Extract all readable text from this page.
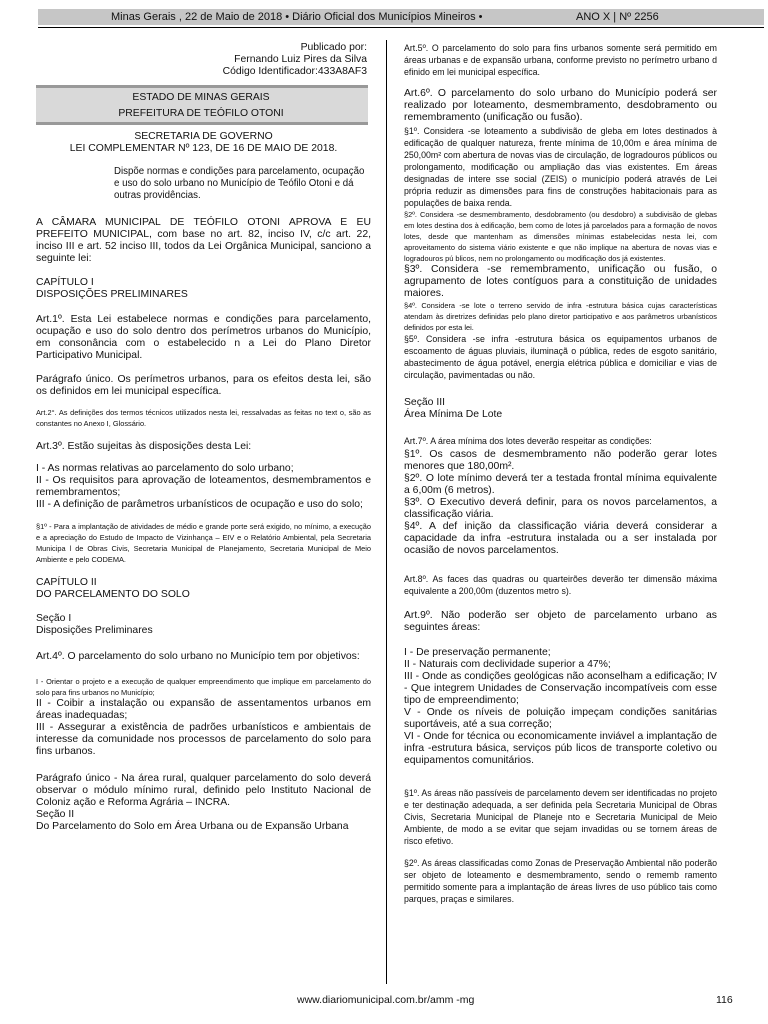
Minas Gerais , 22 de Maio de 2018 • Diário Oficial dos Municípios Mineiros •	ANO X | Nº 2256

Publicado por:

Fernando Luiz Pires da Silva

Código Identificador:433A8AF3

ESTADO DE MINAS GERAIS

PREFEITURA DE TEÓFILO OTONI

SECRETARIA DE GOVERNO

LEI COMPLEMENTAR Nº 123, DE 16 DE MAIO DE 2018.

Dispõe normas e condições para parcelamento, ocupação e uso do solo urbano no Município de Teófilo Otoni e dá outras providências.

A CÂMARA MUNICIPAL DE TEÓFILO OTONI APROVA E EU PREFEITO MUNICIPAL, com base no art. 82, inciso IV, c/c art. 22, inciso III e art. 52 inciso III, todos da Lei Orgânica Municipal, sanciono a seguinte lei:

CAPÍTULO I
DISPOSIÇÕES PRELIMINARES

Art.1º. Esta Lei estabelece normas e condições para parcelamento, ocupação e uso do solo dentro dos perímetros urbanos do Município, em consonância com o estabelecido n a Lei do Plano Diretor Participativo Municipal.

Parágrafo único. Os perímetros urbanos, para os efeitos desta lei, são os definidos em lei municipal específica.

Art.2°. As definições dos termos técnicos utilizados nesta lei, ressalvadas as feitas no text o, são as constantes no Anexo I, Glossário.

Art.3º. Estão sujeitas às disposições desta Lei:

I - As normas relativas ao parcelamento do solo urbano;
II - Os requisitos para aprovação de loteamentos, desmembramentos e remembramentos;
III - A definição de parâmetros urbanísticos de ocupação e uso do solo;

§1º - Para a implantação de atividades de médio e grande porte será exigido, no mínimo, a execução e a apreciação do Estudo de Impacto de Vizinhança – EIV e o Relatório Ambiental, pela Secretaria Municipa l de Obras Civis, Secretaria Municipal de Planejamento, Secretaria Municipal de Meio Ambiente e pelo CODEMA.

CAPÍTULO II
DO PARCELAMENTO DO SOLO

Seção I
Disposições Preliminares

Art.4º. O parcelamento do solo urbano no Município tem por objetivos:

I - Orientar o projeto e a execução de qualquer empreendimento que implique em parcelamento do solo para fins urbanos no Município;

II - Coibir a instalação ou expansão de assentamentos urbanos em áreas inadequadas;
III - Assegurar a existência de padrões urbanísticos e ambientais de interesse da comunidade nos processos de parcelamento do solo para fins urbanos.

Parágrafo único - Na área rural, qualquer parcelamento do solo deverá observar o módulo mínimo rural, definido pelo Instituto Nacional de Coloniz ação e Reforma Agrária – INCRA.
Seção II
Do Parcelamento do Solo em Área Urbana ou de Expansão Urbana

Art.5º. O parcelamento do solo para fins urbanos somente será permitido em áreas urbanas e de expansão urbana, conforme previsto no perímetro urbano d efinido em lei municipal específica.

Art.6º. O parcelamento do solo urbano do Município poderá ser realizado por loteamento, desmembramento, desdobramento ou remembramento (unificação ou fusão).

§1º. Considera -se loteamento a subdivisão de gleba em lotes destinados à edificação de qualquer natureza, frente mínima de 10,00m e área mínima de 250,00m² com abertura de novas vias de circulação, de logradouros públicos ou prolongamento, modificação ou ampliação das vias existentes. Em áreas designadas de intere sse social (ZEIS) o município poderá através de Lei própria reduzir as dimensões para fins de construções habitacionais para as populações de baixa renda.

§2º. Considera -se desmembramento, desdobramento (ou desdobro) a subdivisão de glebas em lotes destina dos à edificação, bem como de lotes já parcelados para a formação de novos lotes, desde que mantenham as dimensões mínimas estabelecidas nesta lei, com aproveitamento do sistema viário existente e que não implique na abertura de novas vias e logradouros pú blicos, nem no prolongamento ou modificação dos já existentes.

§3º. Considera -se remembramento, unificação ou fusão, o agrupamento de lotes contíguos para a constituição de unidades maiores.

§4º. Considera -se lote o terreno servido de infra -estrutura básica cujas características atendam às diretrizes definidas pelo plano diretor participativo e aos parâmetros urbanísticos definidos por esta lei.

§5º. Considera -se infra -estrutura básica os equipamentos urbanos de escoamento de águas pluviais, iluminaçã o pública, redes de esgoto sanitário, abastecimento de água potável, energia elétrica pública e domiciliar e vias de circulação, pavimentadas ou não.

Seção III
Área Mínima De Lote

Art.7º. A área mínima dos lotes deverão respeitar as condições:

§1º. Os casos de desmembramento não poderão gerar lotes menores que 180,00m².
§2º. O lote mínimo deverá ter a testada frontal mínima equivalente a 6,00m (6 metros).
§3º. O Executivo deverá definir, para os novos parcelamentos, a classificação viária.
§4º. A def inição da classificação viária deverá considerar a capacidade da infra -estrutura instalada ou a ser instalada por ocasião de novos parcelamentos.

Art.8º. As faces das quadras ou quarteirões deverão ter dimensão máxima equivalente a 200,00m (duzentos metro s).

Art.9º. Não poderão ser objeto de parcelamento urbano as seguintes áreas:

I - De preservação permanente;
II - Naturais com declividade superior a 47%;
III - Onde as condições geológicas não aconselham a edificação; IV - Que integrem Unidades de Conservação incompatíveis com esse tipo de empreendimento;
V - Onde os níveis de poluição impeçam condições sanitárias suportáveis, até a sua correção;
VI - Onde for técnica ou economicamente inviável a implantação de infra -estrutura básica, serviços púb licos de transporte coletivo ou equipamentos comunitários.

§1º. As áreas não passíveis de parcelamento devem ser identificadas no projeto e ter destinação adequada, a ser definida pela Secretaria Municipal de Obras Civis, Secretaria Municipal de Planeje nto e Secretaria Municipal de Meio Ambiente, de modo a se evitar que sejam invadidas ou se tornem áreas de risco efetivo.

§2º. As áreas classificadas como Zonas de Preservação Ambiental não poderão ser objeto de loteamento e desmembramento, sendo o rememb ramento permitido somente para a implantação de áreas livres de uso público tais como parques, praças e similares.

www.diariomunicipal.com.br/amm -mg	116
